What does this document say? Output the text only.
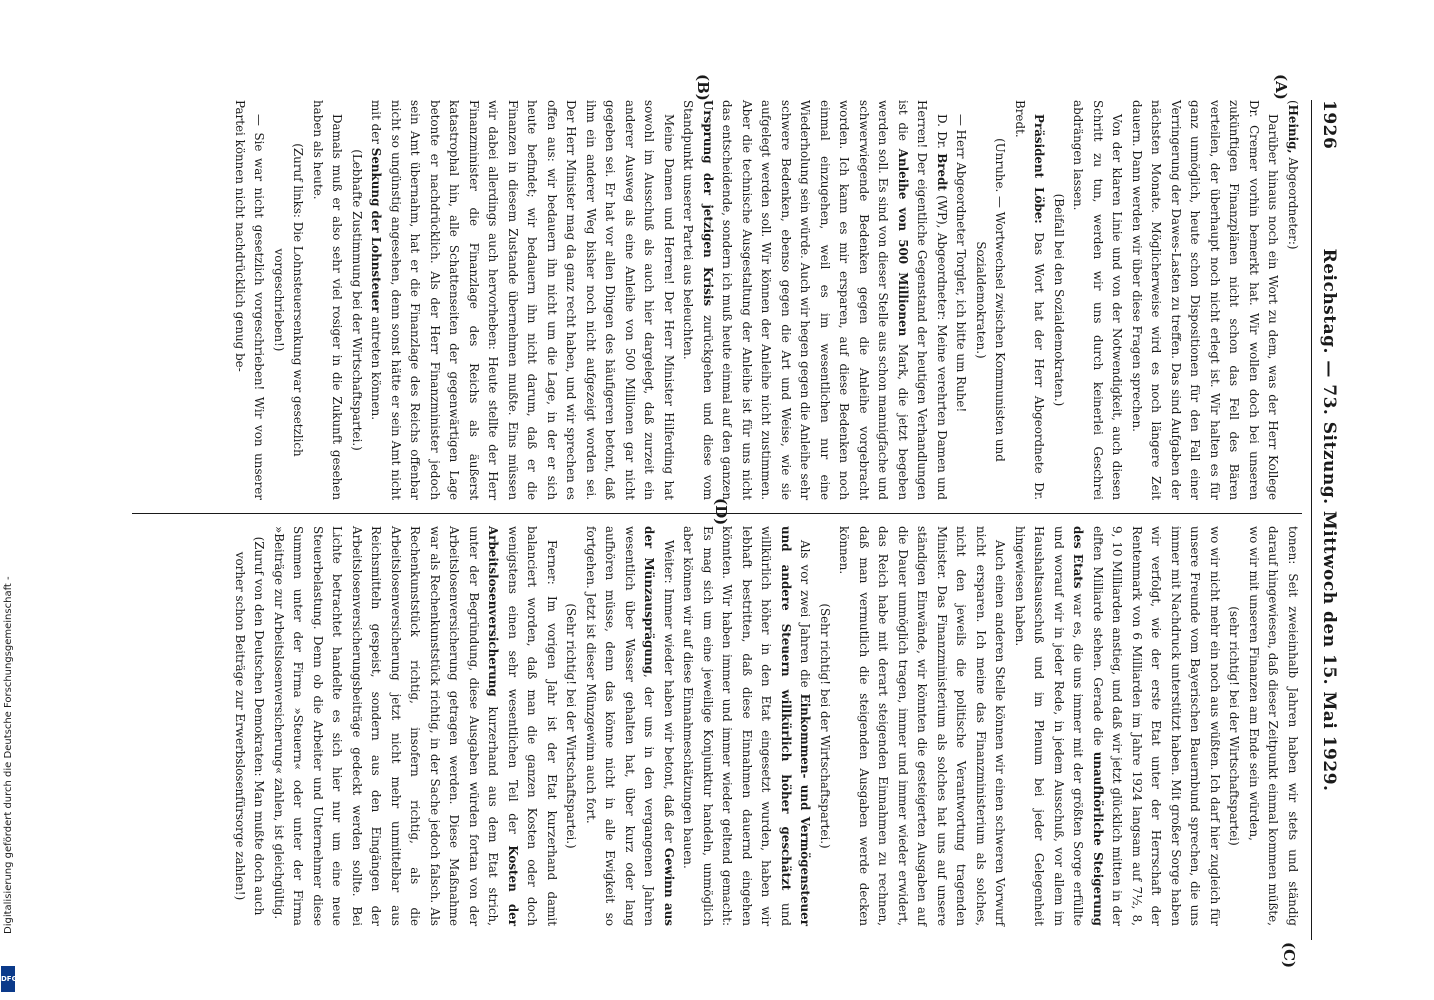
1926
Reichstag. — 73. Sitzung. Mittwoch den 15. Mai 1929.

(Heinig, Abgeordneter:)

Darüber hinaus noch ein Wort zu dem, was der Herr Kollege Dr. Cremer vorhin bemerkt hat. Wir wollen doch bei unseren zukünftigen Finanzplänen nicht schon das Fell des Bären verteilen, der überhaupt noch nicht erlegt ist. Wir halten es für ganz unmöglich, heute schon Dispositionen für den Fall einer Verringerung der Dawes-Lasten zu treffen. Das sind Aufgaben der nächsten Monate. Möglicherweise wird es noch längere Zeit dauern. Dann werden wir über diese Fragen sprechen.

Von der klaren Linie und von der Notwendigkeit, auch diesen Schritt zu tun, werden wir uns durch keinerlei Geschrei abdrängen lassen.

(Beifall bei den Sozialdemokraten.)

Präsident Löbe: Das Wort hat der Herr Abgeordnete Dr. Bredt.

(Unruhe. — Wortwechsel zwischen Kommunisten und Sozialdemokraten.)

— Herr Abgeordneter Torgler, ich bitte um Ruhe!

D. Dr. Bredt (WP), Abgeordneter: Meine verehrten Damen und Herren! Der eigentliche Gegenstand der heutigen Verhandlungen ist die Anleihe von 500 Millionen Mark, die jetzt begeben werden soll. Es sind von dieser Stelle aus schon mannigfache und schwerwiegende Bedenken gegen die Anleihe vorgebracht worden. Ich kann es mir ersparen, auf diese Bedenken noch einmal einzugehen, weil es im wesentlichen nur eine Wiederholung sein würde. Auch wir hegen gegen die Anleihe sehr schwere Bedenken, ebenso gegen die Art und Weise, wie sie aufgelegt werden soll. Wir können der Anleihe nicht zustimmen. Aber die technische Ausgestaltung der Anleihe ist für uns nicht das entscheidende, sondern ich muß heute einmal auf den ganzen Ursprung der jetzigen Krisis zurückgehen und diese vom Standpunkt unserer Partei aus beleuchten.

Meine Damen und Herren! Der Herr Minister Hilferding hat sowohl im Ausschuß als auch hier dargelegt, daß zurzeit ein anderer Ausweg als eine Anleihe von 500 Millionen gar nicht gegeben sei. Er hat vor allen Dingen des häufigeren betont, daß ihm ein anderer Weg bisher noch nicht aufgezeigt worden sei. Der Herr Minister mag da ganz recht haben, und wir sprechen es offen aus: wir bedauern ihn nicht um die Lage, in der er sich heute befindet; wir bedauern ihn nicht darum, daß er die Finanzen in diesem Zustande übernehmen mußte. Eins müssen wir dabei allerdings auch hervorheben: Heute stellte der Herr Finanzminister die Finanzlage des Reichs als äußerst katastrophal hin, alle Schattenseiten der gegenwärtigen Lage betonte er nachdrücklich. Als der Herr Finanzminister jedoch sein Amt übernahm, hat er die Finanzlage des Reichs offenbar nicht so ungünstig angesehen, denn sonst hätte er sein Amt nicht mit der Senkung der Lohnsteuer antreten können.

(Lebhafte Zustimmung bei der Wirtschaftspartei.)

Damals muß er also sehr viel rosiger in die Zukunft gesehen haben als heute.

(Zuruf links: Die Lohnsteuersenkung war gesetzlich vorgeschrieben!)

— Sie war nicht gesetzlich vorgeschrieben! Wir von unserer Partei können nicht nachdrücklich genug be-

tonen: Seit zweieinhalb Jahren haben wir stets und ständig darauf hingewiesen, daß dieser Zeitpunkt einmal kommen müßte, wo wir mit unseren Finanzen am Ende sein würden,

(sehr richtig! bei der Wirtschaftspartei)

wo wir nicht mehr ein noch aus wüßten. Ich darf hier zugleich für unsere Freunde vom Bayerischen Bauernbund sprechen, die uns immer mit Nachdruck unterstützt haben. Mit großer Sorge haben wir verfolgt, wie der erste Etat unter der Herrschaft der Rentenmark von 6 Milliarden im Jahre 1924 langsam auf 7½, 8, 9, 10 Milliarden anstieg, und daß wir jetzt glücklich mitten in der elften Milliarde stehen. Gerade die unaufhörliche Steigerung des Etats war es, die uns immer mit der größten Sorge erfüllte und worauf wir in jeder Rede, in jedem Ausschuß, vor allem im Haushaltsausschuß und im Plenum bei jeder Gelegenheit hingewiesen haben.

Auch einen anderen Stelle können wir einen schweren Vorwurf nicht ersparen. Ich meine das Finanzministerium als solches, nicht den jeweils die politische Verantwortung tragenden Minister. Das Finanzministerium als solches hat uns auf unsere ständigen Einwände, wir könnten die gesteigerten Ausgaben auf die Dauer unmöglich tragen, immer und immer wieder erwidert, das Reich habe mit derart steigenden Einnahmen zu rechnen, daß man vermutlich die steigenden Ausgaben werde decken können.

(Sehr richtig! bei der Wirtschaftspartei.)

Als vor zwei Jahren die Einkommen- und Vermögensteuer und andere Steuern willkürlich höher geschätzt und willkürlich höher in den Etat eingesetzt wurden, haben wir lebhaft bestritten, daß diese Einnahmen dauernd eingehen könnten. Wir haben immer und immer wieder geltend gemacht: Es mag sich um eine jeweilige Konjunktur handeln, unmöglich aber können wir auf diese Einnahmeschätzungen bauen.

Weiter: Immer wieder haben wir betont, daß der Gewinn aus der Münzausprägung, der uns in den vergangenen Jahren wesentlich über Wasser gehalten hat, über kurz oder lang aufhören müsse, denn das könne nicht in alle Ewigkeit so fortgehen. Jetzt ist dieser Münzgewinn auch fort.

(Sehr richtig! bei der Wirtschaftspartei.)

Ferner: Im vorigen Jahr ist der Etat kurzerhand damit balanciert worden, daß man die ganzen Kosten oder doch wenigstens einen sehr wesentlichen Teil der Kosten der Arbeitslosenversicherung kurzerhand aus dem Etat strich, unter der Begründung, diese Ausgaben würden fortan von der Arbeitslosenversicherung getragen werden. Diese Maßnahme war als Rechenkunststück richtig, in der Sache jedoch falsch. Als Rechenkunststück richtig, insofern richtig, als die Arbeitslosenversicherung jetzt nicht mehr unmittelbar aus Reichsmitteln gespeist, sondern aus den Eingängen der Arbeitslosenversicherungsbeiträge gedeckt werden sollte. Bei Lichte betrachtet handelte es sich hier nur um eine neue Steuerbelastung. Denn ob die Arbeiter und Unternehmer diese Summen unter der Firma »Steuern« oder unter der Firma »Beiträge zur Arbeitslosenversicherung« zahlen, ist gleichgültig.

(Zuruf von den Deutschen Demokraten: Man mußte doch auch vorher schon Beiträge zur Erwerbslosenfürsorge zahlen!)

(A)
(B)
(C)
(D)
Digitalisierung gefördert durch die Deutsche Forschungsgemeinschaft -
DFG
